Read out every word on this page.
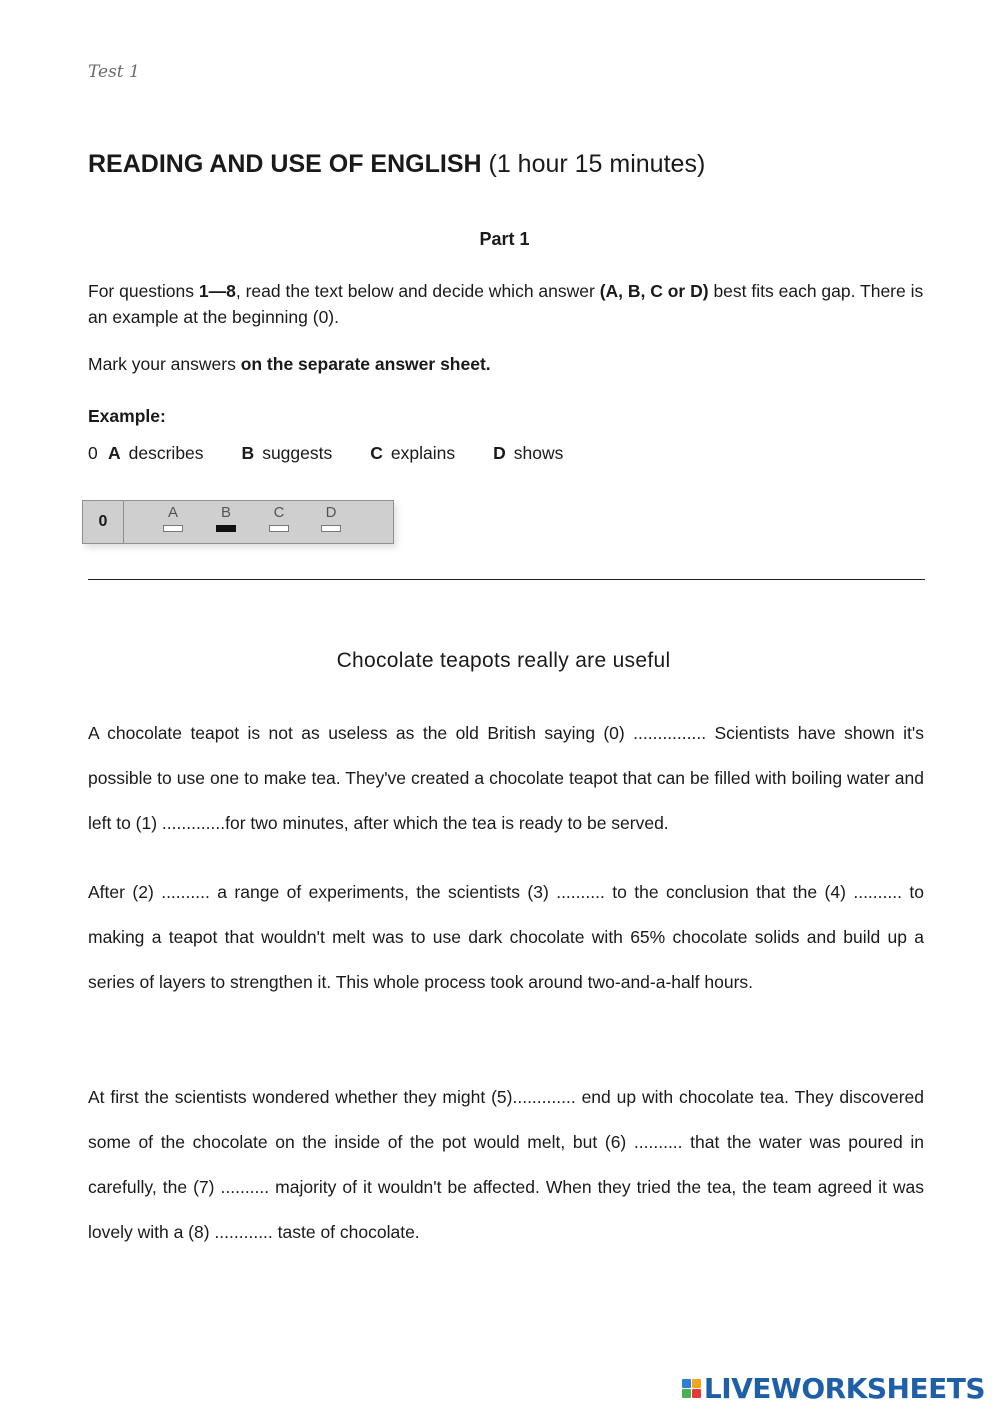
Test 1
READING AND USE OF ENGLISH (1 hour 15 minutes)
Part 1
For questions 1—8, read the text below and decide which answer (A, B, C or D) best fits each gap. There is an example at the beginning (0).
Mark your answers on the separate answer sheet.
Example:
0 A describes B suggests C explains D shows
0
A	B	C	D
Chocolate teapots really are useful
A chocolate teapot is not as useless as the old British saying (0) ............... Scientists have shown it's possible to use one to make tea. They've created a chocolate teapot that can be filled with boiling water and left to (1) .............for two minutes, after which the tea is ready to be served.
After (2) .......... a range of experiments, the scientists (3) .......... to the conclusion that the (4) .......... to making a teapot that wouldn't melt was to use dark chocolate with 65% chocolate solids and build up a series of layers to strengthen it. This whole process took around two-and-a-half hours.
At first the scientists wondered whether they might (5)............. end up with chocolate tea. They discovered some of the chocolate on the inside of the pot would melt, but (6) .......... that the water was poured in carefully, the (7) .......... majority of it wouldn't be affected. When they tried the tea, the team agreed it was lovely with a (8) ............ taste of chocolate.
LIVEWORKSHEETS
